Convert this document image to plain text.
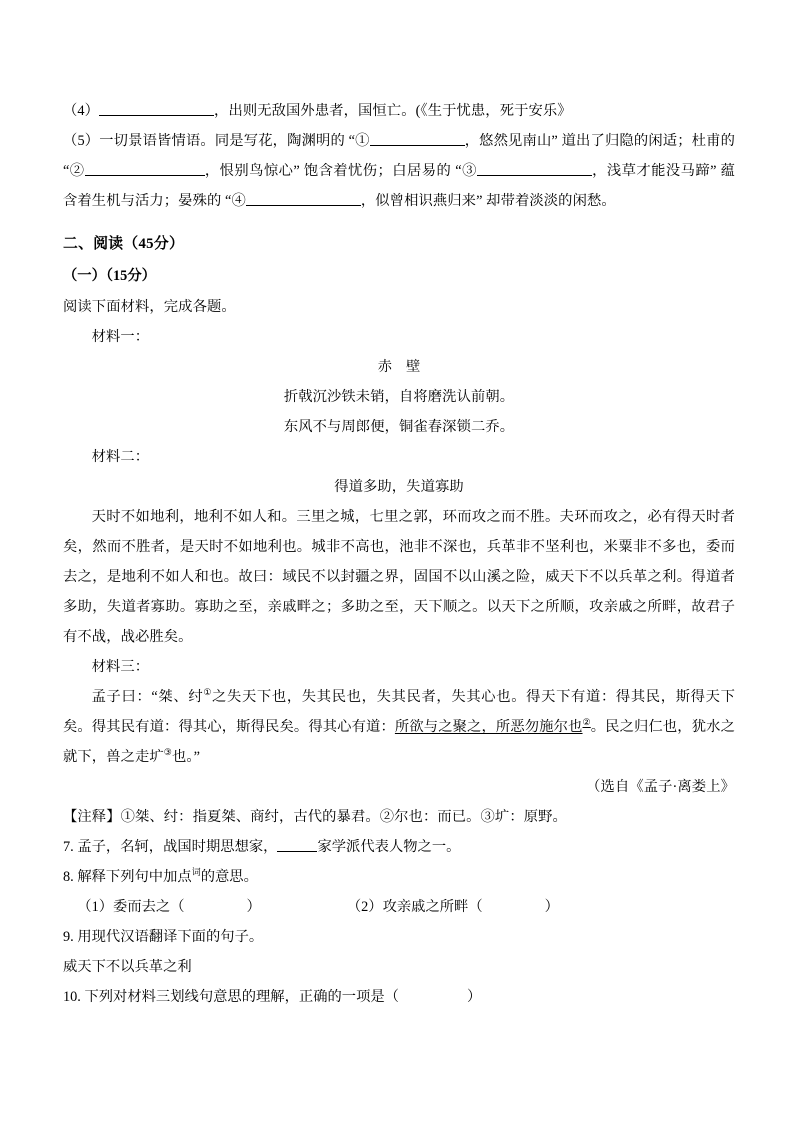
（4）	，出则无敌国外患者，国恒亡。(《生于忧患，死于安乐》

（5）一切景语皆情语。同是写花，陶渊明的 “①	，悠然见南山” 道出了归隐的闲适；杜甫的 “②	，恨别鸟惊心” 饱含着忧伤；白居易的 “③	，浅草才能没马蹄” 蕴含着生机与活力；晏殊的 “④	，似曾相识燕归来” 却带着淡淡的闲愁。

二、阅读（45分）

（一）（15分）

阅读下面材料，完成各题。

材料一：

赤壁

折戟沉沙铁未销，自将磨洗认前朝。

东风不与周郎便，铜雀春深锁二乔。

材料二：

得道多助，失道寡助

天时不如地利，地利不如人和。三里之城，七里之郭，环而攻之而不胜。夫环而攻之，必有得天时者矣，然而不胜者，是天时不如地利也。城非不高也，池非不深也，兵革非不坚利也，米粟非不多也，委而去之，是地利不如人和也。故曰：域民不以封疆之界，固国不以山溪之险，威天下不以兵革之利。得道者多助，失道者寡助。寡助之至，亲戚畔之；多助之至，天下顺之。以天下之所顺，攻亲戚之所畔，故君子有不战，战必胜矣。

材料三：

孟子曰：“桀、纣①之失天下也，失其民也，失其民者，失其心也。得天下有道：得其民，斯得天下矣。得其民有道：得其心，斯得民矣。得其心有道：所欲与之聚之，所恶勿施尔也②。民之归仁也，犹水之就下，兽之走圹③也。”

（选自《孟子·离娄上》

【注释】①桀、纣：指夏桀、商纣，古代的暴君。②尔也：而已。③圹：原野。

7. 孟子，名轲，战国时期思想家，	家学派代表人物之一。

8. 解释下列句中加点$^词$的意思。

（1）委而去之（	）	（2）攻亲戚之所畔（	）

9. 用现代汉语翻译下面的句子。

威天下不以兵革之利

10. 下列对材料三划线句意思的理解，正确的一项是（	）
